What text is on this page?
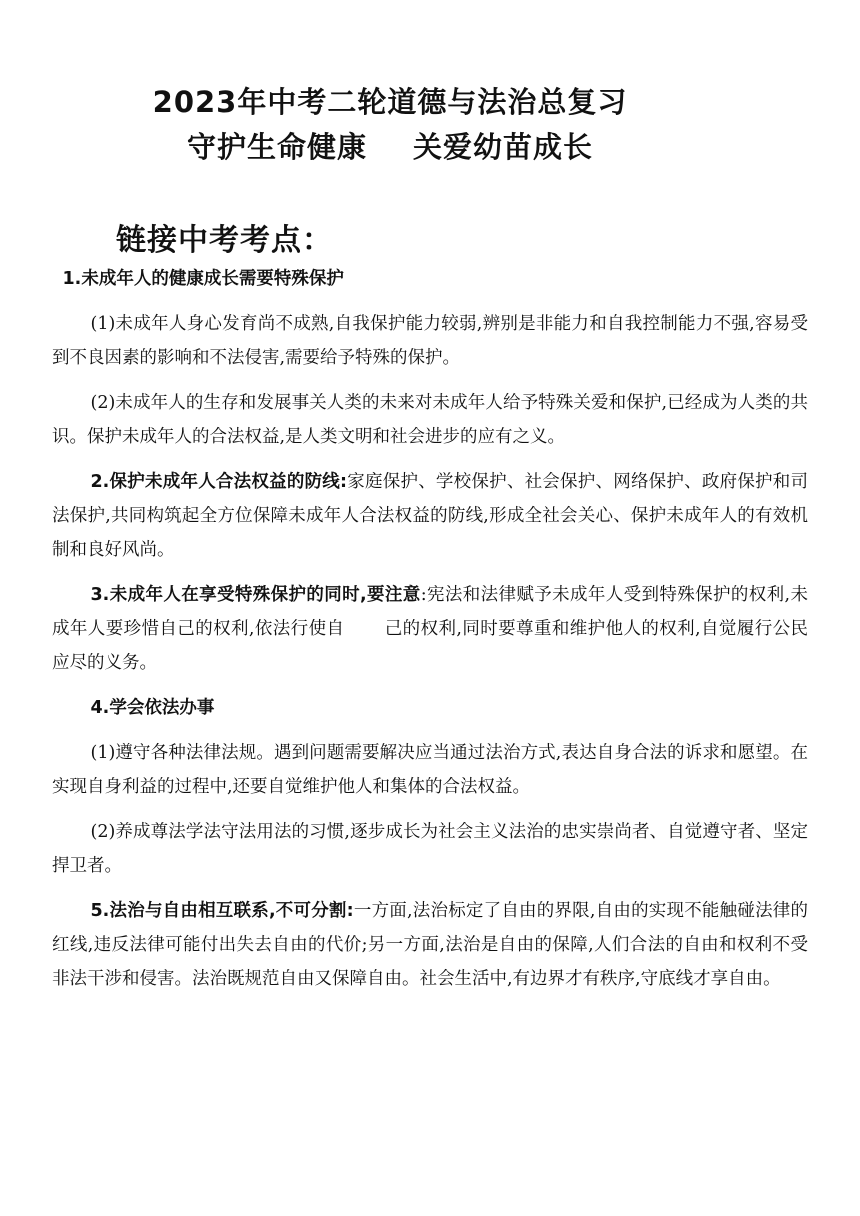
2023年中考二轮道德与法治总复习
守护生命健康 关爱幼苗成长
链接中考考点：

1.未成年人的健康成长需要特殊保护

(1)未成年人身心发育尚不成熟,自我保护能力较弱,辨别是非能力和自我控制能力不强,容易受到不良因素的影响和不法侵害,需要给予特殊的保护。

(2)未成年人的生存和发展事关人类的未来对未成年人给予特殊关爱和保护,已经成为人类的共识。保护未成年人的合法权益,是人类文明和社会进步的应有之义。

2.保护未成年人合法权益的防线:家庭保护、学校保护、社会保护、网络保护、政府保护和司法保护,共同构筑起全方位保障未成年人合法权益的防线,形成全社会关心、保护未成年人的有效机制和良好风尚。

3.未成年人在享受特殊保护的同时,要注意:宪法和法律赋予未成年人受到特殊保护的权利,未成年人要珍惜自己的权利,依法行使自 己的权利,同时要尊重和维护他人的权利,自觉履行公民应尽的义务。

4.学会依法办事

(1)遵守各种法律法规。遇到问题需要解决应当通过法治方式,表达自身合法的诉求和愿望。在实现自身利益的过程中,还要自觉维护他人和集体的合法权益。

(2)养成尊法学法守法用法的习惯,逐步成长为社会主义法治的忠实崇尚者、自觉遵守者、坚定捍卫者。

5.法治与自由相互联系,不可分割:一方面,法治标定了自由的界限,自由的实现不能触碰法律的红线,违反法律可能付出失去自由的代价;另一方面,法治是自由的保障,人们合法的自由和权利不受非法干涉和侵害。法治既规范自由又保障自由。社会生活中,有边界才有秩序,守底线才享自由。
